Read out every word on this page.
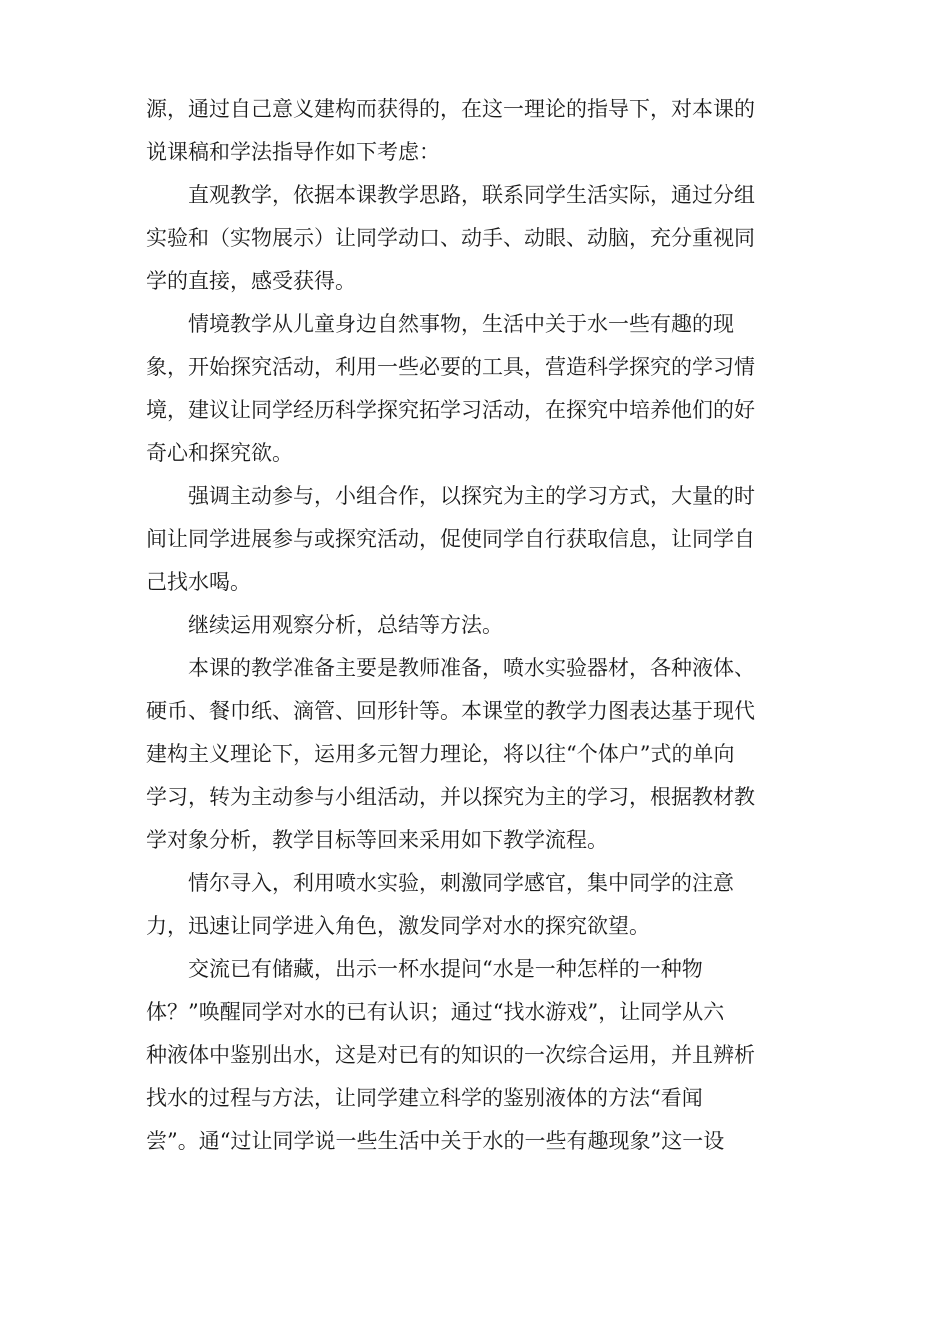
源，通过自己意义建构而获得的，在这一理论的指导下，对本课的
说课稿和学法指导作如下考虑：
直观教学，依据本课教学思路，联系同学生活实际，通过分组
实验和（实物展示）让同学动口、动手、动眼、动脑，充分重视同
学的直接，感受获得。
情境教学从儿童身边自然事物，生活中关于水一些有趣的现
象，开始探究活动，利用一些必要的工具，营造科学探究的学习情
境，建议让同学经历科学探究拓学习活动，在探究中培养他们的好
奇心和探究欲。
强调主动参与，小组合作，以探究为主的学习方式，大量的时
间让同学进展参与或探究活动，促使同学自行获取信息，让同学自
己找水喝。
继续运用观察分析，总结等方法。
本课的教学准备主要是教师准备，喷水实验器材，各种液体、
硬币、餐巾纸、滴管、回形针等。本课堂的教学力图表达基于现代
建构主义理论下，运用多元智力理论，将以往“个体户”式的单向
学习，转为主动参与小组活动，并以探究为主的学习，根据教材教
学对象分析，教学目标等回来采用如下教学流程。
情尔寻入，利用喷水实验，刺激同学感官，集中同学的注意
力，迅速让同学进入角色，激发同学对水的探究欲望。
交流已有储藏，出示一杯水提问“水是一种怎样的一种物
体？”唤醒同学对水的已有认识；通过“找水游戏”，让同学从六
种液体中鉴别出水，这是对已有的知识的一次综合运用，并且辨析
找水的过程与方法，让同学建立科学的鉴别液体的方法“看闻
尝”。通“过让同学说一些生活中关于水的一些有趣现象”这一设
